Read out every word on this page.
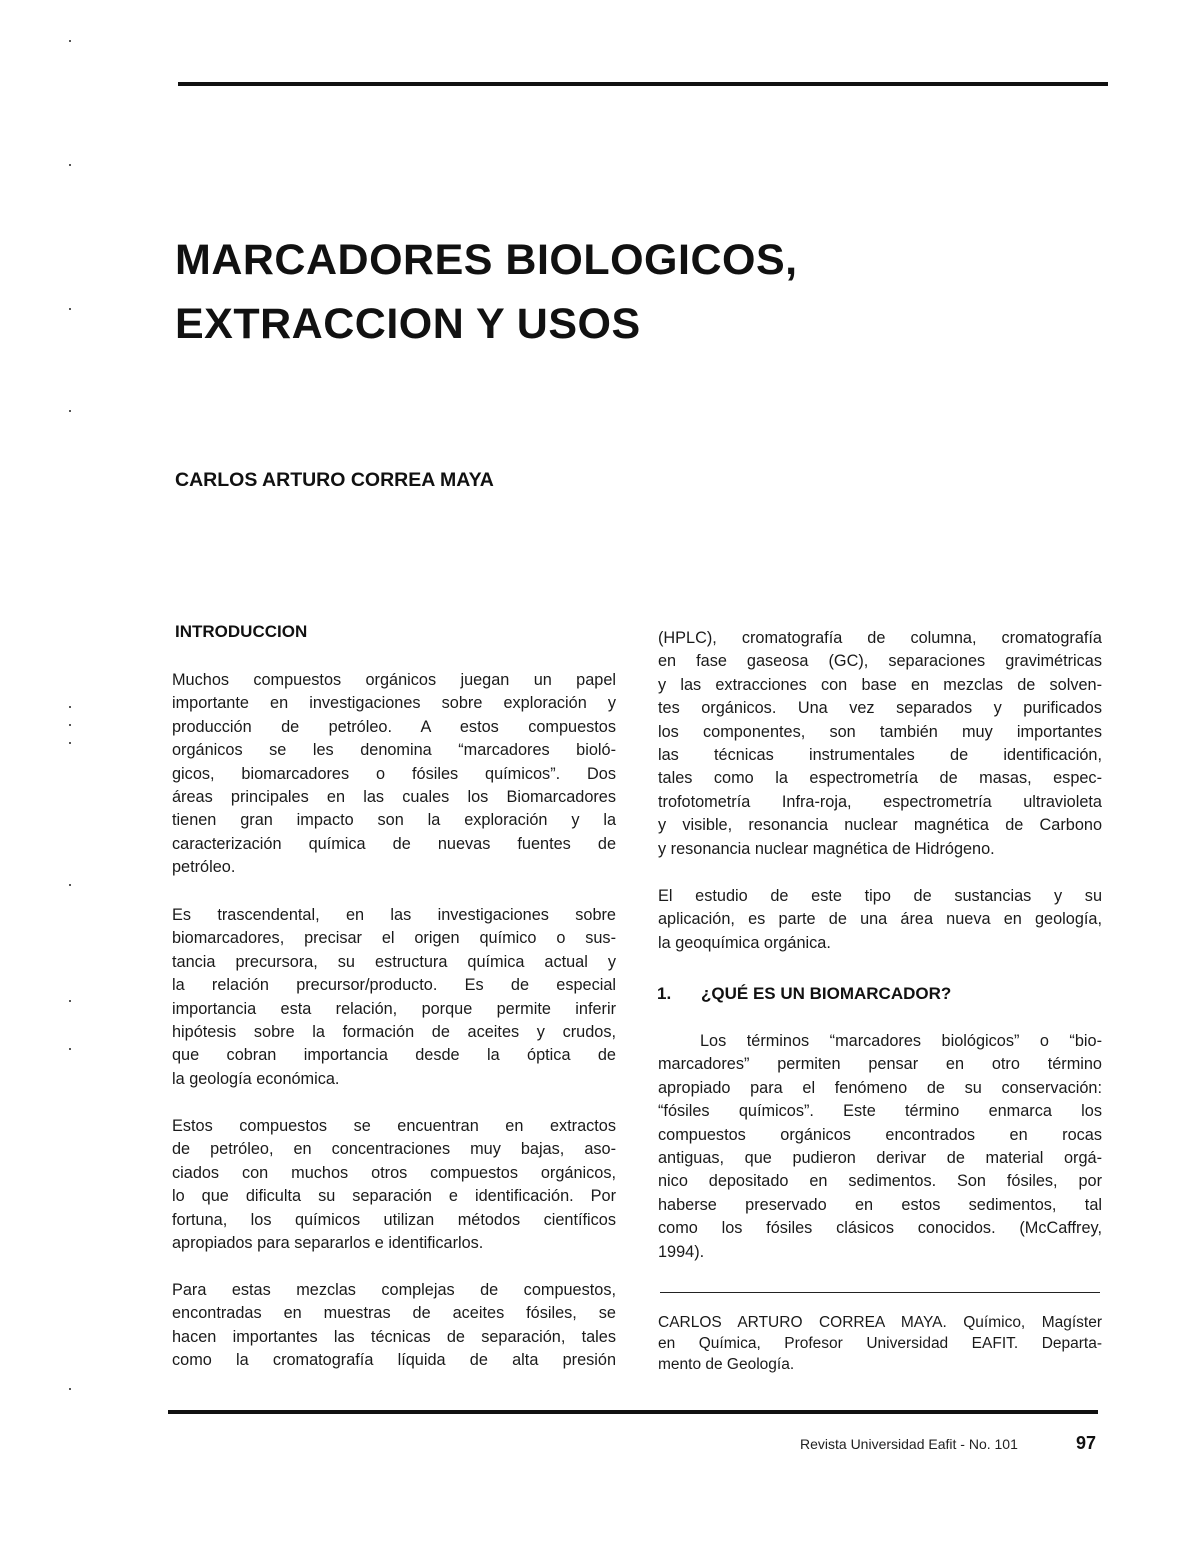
MARCADORES BIOLOGICOS,
EXTRACCION Y USOS
CARLOS ARTURO CORREA MAYA
INTRODUCCION

Muchos compuestos orgánicos juegan un papel
importante en investigaciones sobre exploración y
producción de petróleo. A estos compuestos
orgánicos se les denomina “marcadores bioló-
gicos, biomarcadores o fósiles químicos”. Dos
áreas principales en las cuales los Biomarcadores
tienen gran impacto son la exploración y la
caracterización química de nuevas fuentes de
petróleo.

Es trascendental, en las investigaciones sobre
biomarcadores, precisar el origen químico o sus-
tancia precursora, su estructura química actual y
la relación precursor/producto. Es de especial
importancia esta relación, porque permite inferir
hipótesis sobre la formación de aceites y crudos,
que cobran importancia desde la óptica de
la geología económica.

Estos compuestos se encuentran en extractos
de petróleo, en concentraciones muy bajas, aso-
ciados con muchos otros compuestos orgánicos,
lo que dificulta su separación e identificación. Por
fortuna, los químicos utilizan métodos científicos
apropiados para separarlos e identificarlos.

Para estas mezclas complejas de compuestos,
encontradas en muestras de aceites fósiles, se
hacen importantes las técnicas de separación, tales
como la cromatografía líquida de alta presión

(HPLC), cromatografía de columna, cromatografía
en fase gaseosa (GC), separaciones gravimétricas
y las extracciones con base en mezclas de solven-
tes orgánicos. Una vez separados y purificados
los componentes, son también muy importantes
las técnicas instrumentales de identificación,
tales como la espectrometría de masas, espec-
trofotometría Infra-roja, espectrometría ultravioleta
y visible, resonancia nuclear magnética de Carbono
y resonancia nuclear magnética de Hidrógeno.

El estudio de este tipo de sustancias y su
aplicación, es parte de una área nueva en geología,
la geoquímica orgánica.

1. ¿QUÉ ES UN BIOMARCADOR?

Los términos “marcadores biológicos” o “bio-
marcadores” permiten pensar en otro término
apropiado para el fenómeno de su conservación:
“fósiles químicos”. Este término enmarca los
compuestos orgánicos encontrados en rocas
antiguas, que pudieron derivar de material orgá-
nico depositado en sedimentos. Son fósiles, por
haberse preservado en estos sedimentos, tal
como los fósiles clásicos conocidos. (McCaffrey,
1994).

CARLOS ARTURO CORREA MAYA. Químico, Magíster
en Química, Profesor Universidad EAFIT. Departa-
mento de Geología.

Revista Universidad Eafit - No. 101	97
